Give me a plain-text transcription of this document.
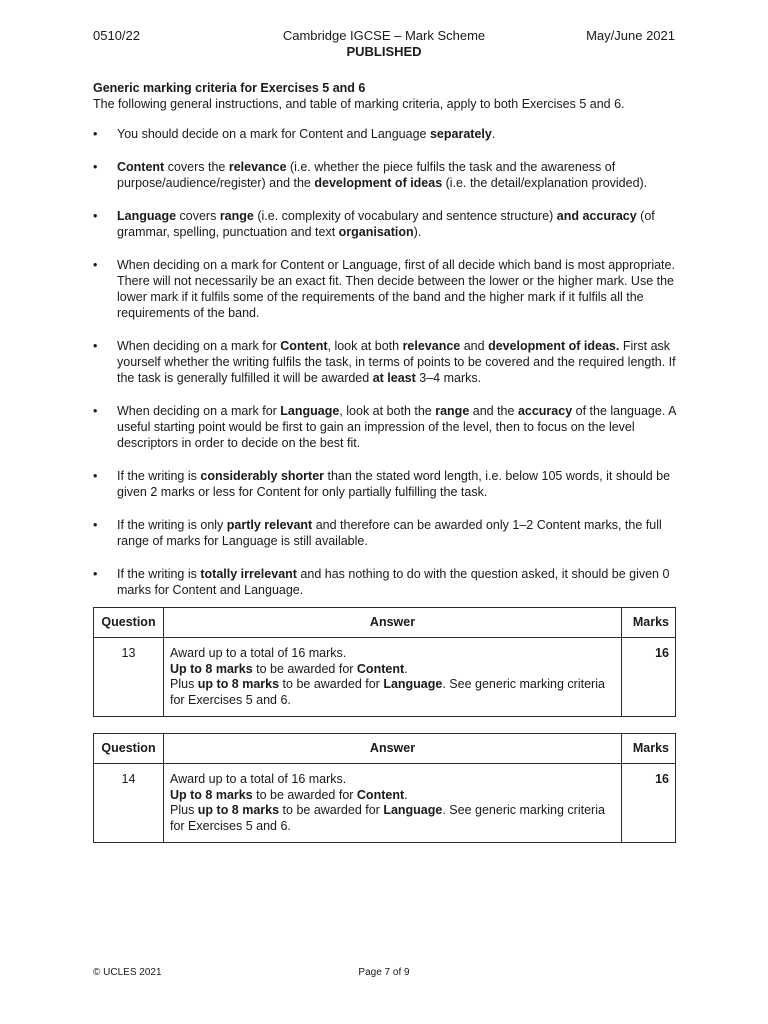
0510/22	Cambridge IGCSE – Mark Scheme
PUBLISHED
May/June 2021
Generic marking criteria for Exercises 5 and 6
The following general instructions, and table of marking criteria, apply to both Exercises 5 and 6.
• You should decide on a mark for Content and Language separately.
• Content covers the relevance (i.e. whether the piece fulfils the task and the awareness of purpose/audience/register) and the development of ideas (i.e. the detail/explanation provided).
• Language covers range (i.e. complexity of vocabulary and sentence structure) and accuracy (of grammar, spelling, punctuation and text organisation).
• When deciding on a mark for Content or Language, first of all decide which band is most appropriate. There will not necessarily be an exact fit. Then decide between the lower or the higher mark. Use the lower mark if it fulfils some of the requirements of the band and the higher mark if it fulfils all the requirements of the band.
• When deciding on a mark for Content, look at both relevance and development of ideas. First ask yourself whether the writing fulfils the task, in terms of points to be covered and the required length. If the task is generally fulfilled it will be awarded at least 3–4 marks.
• When deciding on a mark for Language, look at both the range and the accuracy of the language. A useful starting point would be first to gain an impression of the level, then to focus on the level descriptors in order to decide on the best fit.
• If the writing is considerably shorter than the stated word length, i.e. below 105 words, it should be given 2 marks or less for Content for only partially fulfilling the task.
• If the writing is only partly relevant and therefore can be awarded only 1–2 Content marks, the full range of marks for Language is still available.
• If the writing is totally irrelevant and has nothing to do with the question asked, it should be given 0 marks for Content and Language.
Question	Answer	Marks
13	Award up to a total of 16 marks.
Up to 8 marks to be awarded for Content.
Plus up to 8 marks to be awarded for Language. See generic marking criteria for Exercises 5 and 6.	16
Question	Answer	Marks
14	Award up to a total of 16 marks.
Up to 8 marks to be awarded for Content.
Plus up to 8 marks to be awarded for Language. See generic marking criteria for Exercises 5 and 6.	16
© UCLES 2021	Page 7 of 9
